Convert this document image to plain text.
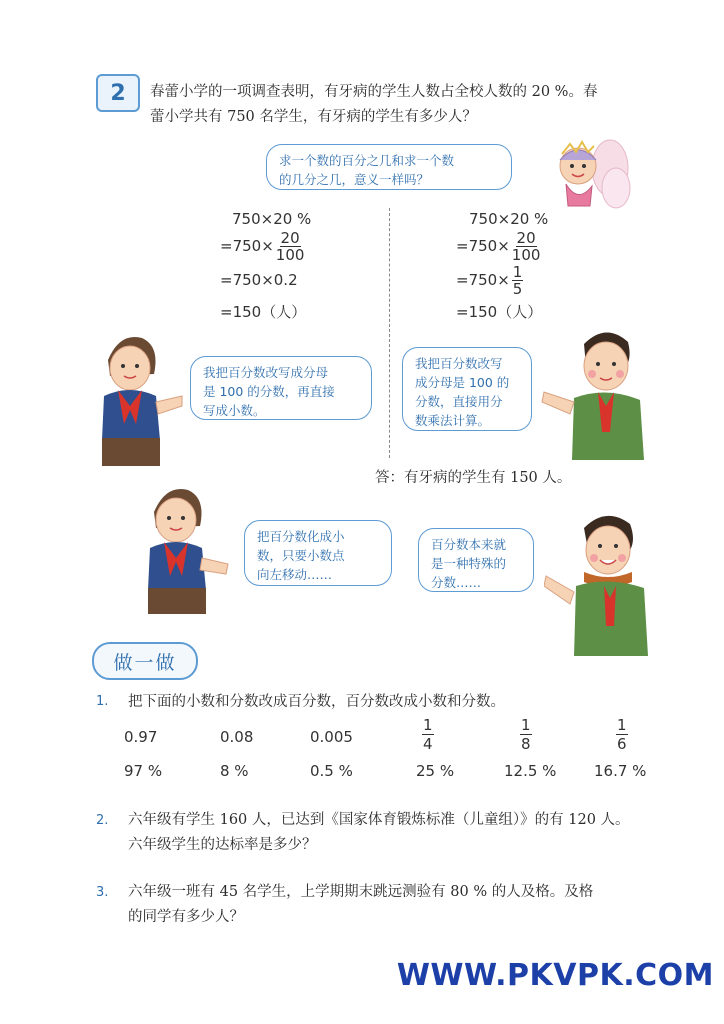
2	春蕾小学的一项调查表明，有牙病的学生人数占全校人数的 20 %。春
蕾小学共有 750 名学生，有牙病的学生有多少人？
求一个数的百分之几和求一个数
的几分之几，意义一样吗？
750×20 %
$=750\times \frac{20}{100}$
=750×0.2
=150（人）
750×20 %
$=750\times \frac{20}{100}$
$=750\times \frac{1}{5}$
=150（人）
我把百分数改写成分母
是 100 的分数，再直接
写成小数。
我把百分数改写
成分母是 100 的
分数，直接用分
数乘法计算。
答：有牙病的学生有 150 人。
把百分数化成小
数，只要小数点
向左移动……
百分数本来就
是一种特殊的
分数……
做一做
1. 把下面的小数和分数改成百分数，百分数改成小数和分数。
0.97	0.08	0.005	$\frac{1}{4}$	$\frac{1}{8}$	$\frac{1}{6}$
97 %	8 %	0.5 %	25 %	12.5 %	16.7 %
2. 六年级有学生 160 人，已达到《国家体育锻炼标准（儿童组）》的有 120 人。
六年级学生的达标率是多少？
3. 六年级一班有 45 名学生，上学期期末跳远测验有 80 % 的人及格。及格
的同学有多少人？
WWW.PKVPK.COM
